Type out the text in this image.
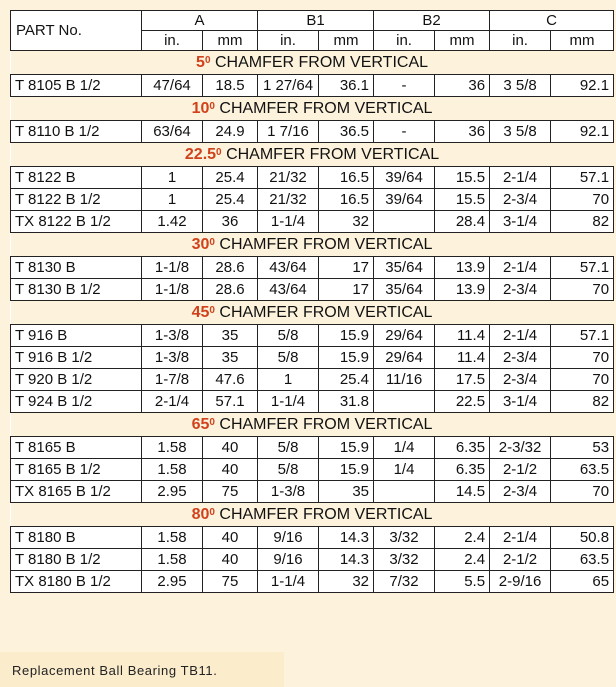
PART No.	A		B1		B2		C	
	in.	mm	in.	mm	in.	mm	in.	mm
$5^0$ CHAMFER FROM VERTICAL								
T 8105 B 1/2	47/64	18.5	1 27/64	36.1	-	36	3 5/8	92.1
$10^0$ CHAMFER FROM VERTICAL								
T 8110 B 1/2	63/64	24.9	1 7/16	36.5	-	36	3 5/8	92.1
22.5$^0$ CHAMFER FROM VERTICAL								
T 8122 B	1	25.4	21/32	16.5	39/64	15.5	2-1/4	57.1
T 8122 B 1/2	1	25.4	21/32	16.5	39/64	15.5	2-3/4	70
TX 8122 B 1/2	1.42	36	1-1/4	32		28.4	3-1/4	82
$30^0$ CHAMFER FROM VERTICAL								
T 8130 B	1-1/8	28.6	43/64	17	35/64	13.9	2-1/4	57.1
T 8130 B 1/2	1-1/8	28.6	43/64	17	35/64	13.9	2-3/4	70
$45^0$ CHAMFER FROM VERTICAL								
T 916 B	1-3/8	35	5/8	15.9	29/64	11.4	2-1/4	57.1
T 916 B 1/2	1-3/8	35	5/8	15.9	29/64	11.4	2-3/4	70
T 920 B 1/2	1-7/8	47.6	1	25.4	11/16	17.5	2-3/4	70
T 924 B 1/2	2-1/4	57.1	1-1/4	31.8		22.5	3-1/4	82
$65^0$ CHAMFER FROM VERTICAL								
T 8165 B	1.58	40	5/8	15.9	1/4	6.35	2-3/32	53
T 8165 B 1/2	1.58	40	5/8	15.9	1/4	6.35	2-1/2	63.5
TX 8165 B 1/2	2.95	75	1-3/8	35		14.5	2-3/4	70
$80^0$ CHAMFER FROM VERTICAL								
T 8180 B	1.58	40	9/16	14.3	3/32	2.4	2-1/4	50.8
T 8180 B 1/2	1.58	40	9/16	14.3	3/32	2.4	2-1/2	63.5
TX 8180 B 1/2	2.95	75	1-1/4	32	7/32	5.5	2-9/16	65
Replacement Ball Bearing TB11.
